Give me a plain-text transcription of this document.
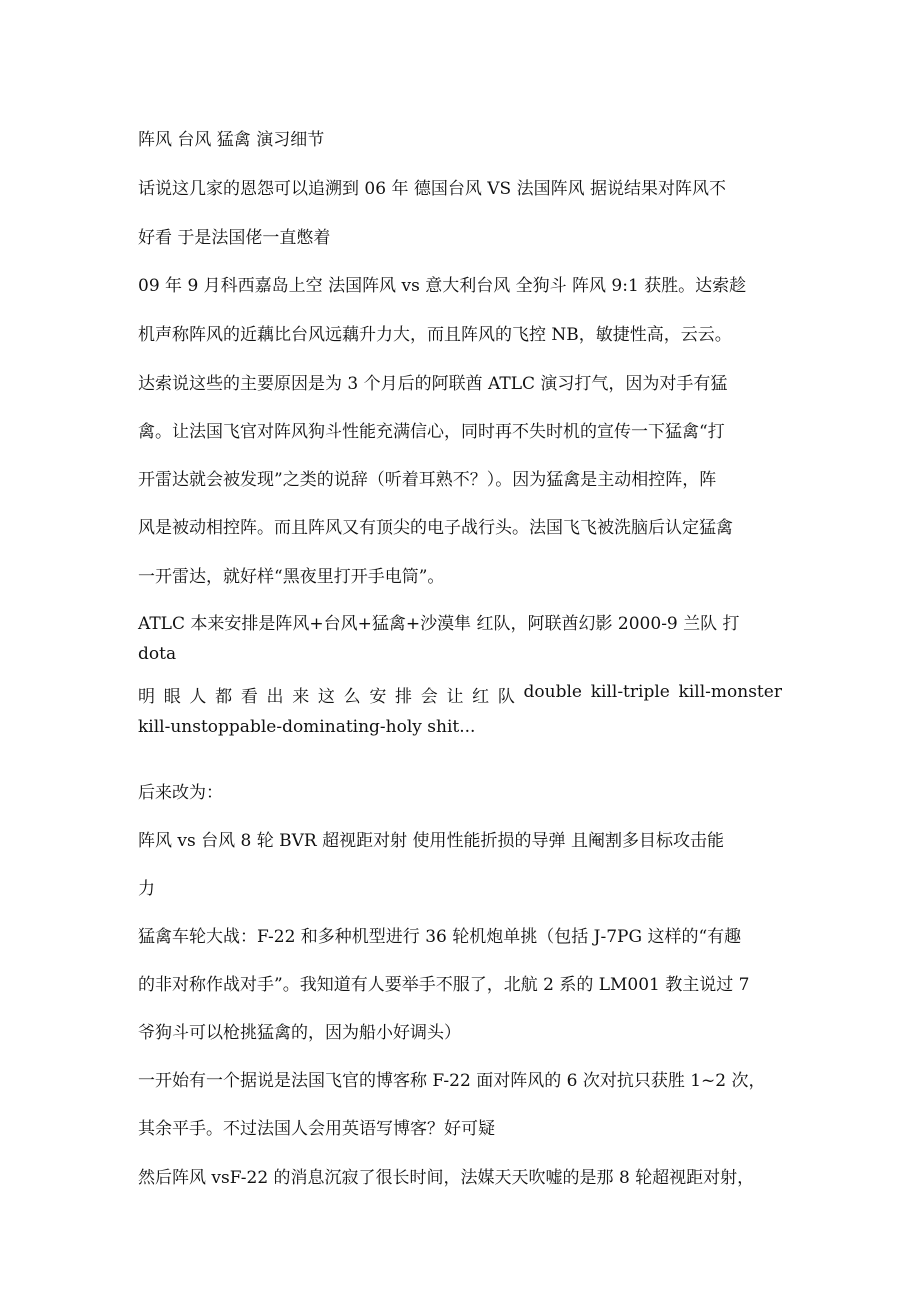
阵风 台风 猛禽 演习细节
话说这几家的恩怨可以追溯到 06 年 德国台风 VS 法国阵风 据说结果对阵风不
好看 于是法国佬一直憋着
09 年 9 月科西嘉岛上空 法国阵风 vs 意大利台风 全狗斗 阵风 9:1 获胜。达索趁
机声称阵风的近藕比台风远藕升力大，而且阵风的飞控 NB，敏捷性高，云云。
达索说这些的主要原因是为 3 个月后的阿联酋 ATLC 演习打气，因为对手有猛
禽。让法国飞官对阵风狗斗性能充满信心，同时再不失时机的宣传一下猛禽“打
开雷达就会被发现”之类的说辞（听着耳熟不？）。因为猛禽是主动相控阵，阵
风是被动相控阵。而且阵风又有顶尖的电子战行头。法国飞飞被洗脑后认定猛禽
一开雷达，就好样“黑夜里打开手电筒”。
ATLC 本来安排是阵风+台风+猛禽+沙漠隼 红队，阿联酋幻影 2000-9 兰队 打
dota
明 眼 人 都 看 出 来 这 么 安 排 会 让 红 队 double kill-triple kill-monster
kill-unstoppable-dominating-holy shit...
后来改为：
阵风 vs 台风 8 轮 BVR 超视距对射 使用性能折损的导弹 且阉割多目标攻击能
力
猛禽车轮大战：F-22 和多种机型进行 36 轮机炮单挑（包括 J-7PG 这样的“有趣
的非对称作战对手”。我知道有人要举手不服了，北航 2 系的 LM001 教主说过 7
爷狗斗可以枪挑猛禽的，因为船小好调头）
一开始有一个据说是法国飞官的博客称 F-22 面对阵风的 6 次对抗只获胜 1~2 次，
其余平手。不过法国人会用英语写博客？好可疑
然后阵风 vsF-22 的消息沉寂了很长时间，法媒天天吹嘘的是那 8 轮超视距对射，
